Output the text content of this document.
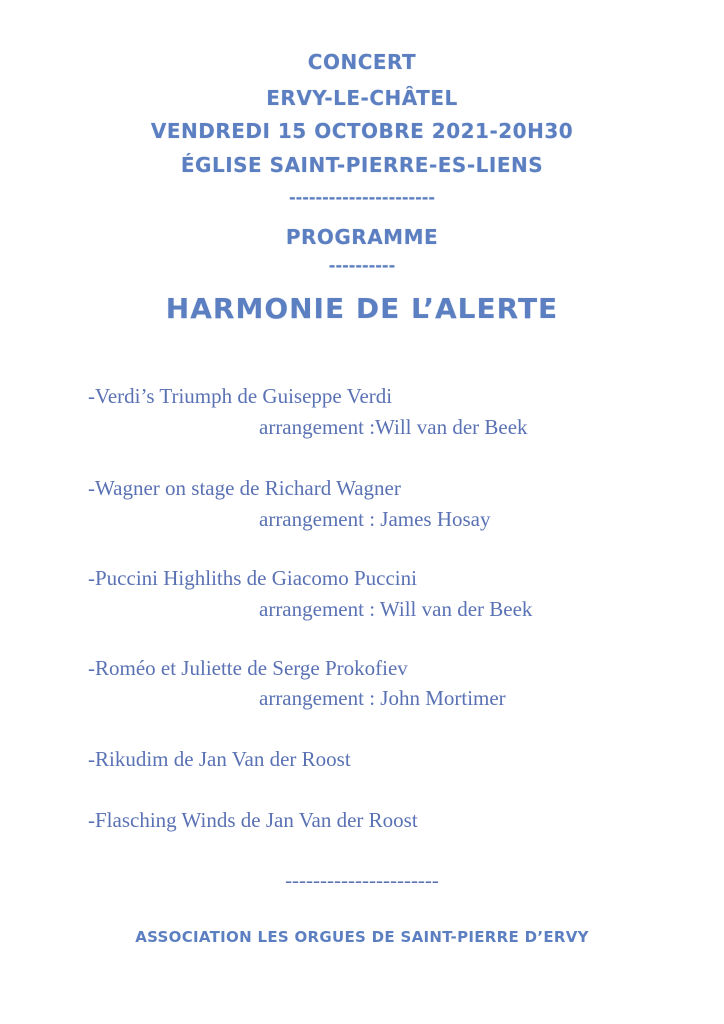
CONCERT
ERVY-LE-CHÂTEL
VENDREDI 15 OCTOBRE 2021-20H30
ÉGLISE SAINT-PIERRE-ES-LIENS
----------------------
PROGRAMME
----------
HARMONIE DE L’ALERTE
-Verdi’s Triumph de Guiseppe Verdi
arrangement :Will van der Beek
-Wagner on stage de Richard Wagner
arrangement : James Hosay
-Puccini Highliths de Giacomo Puccini
arrangement : Will van der Beek
-Roméo et Juliette de Serge Prokofiev
arrangement : John Mortimer
-Rikudim de Jan Van der Roost
-Flasching Winds de Jan Van der Roost
----------------------
ASSOCIATION LES ORGUES DE SAINT-PIERRE D’ERVY
